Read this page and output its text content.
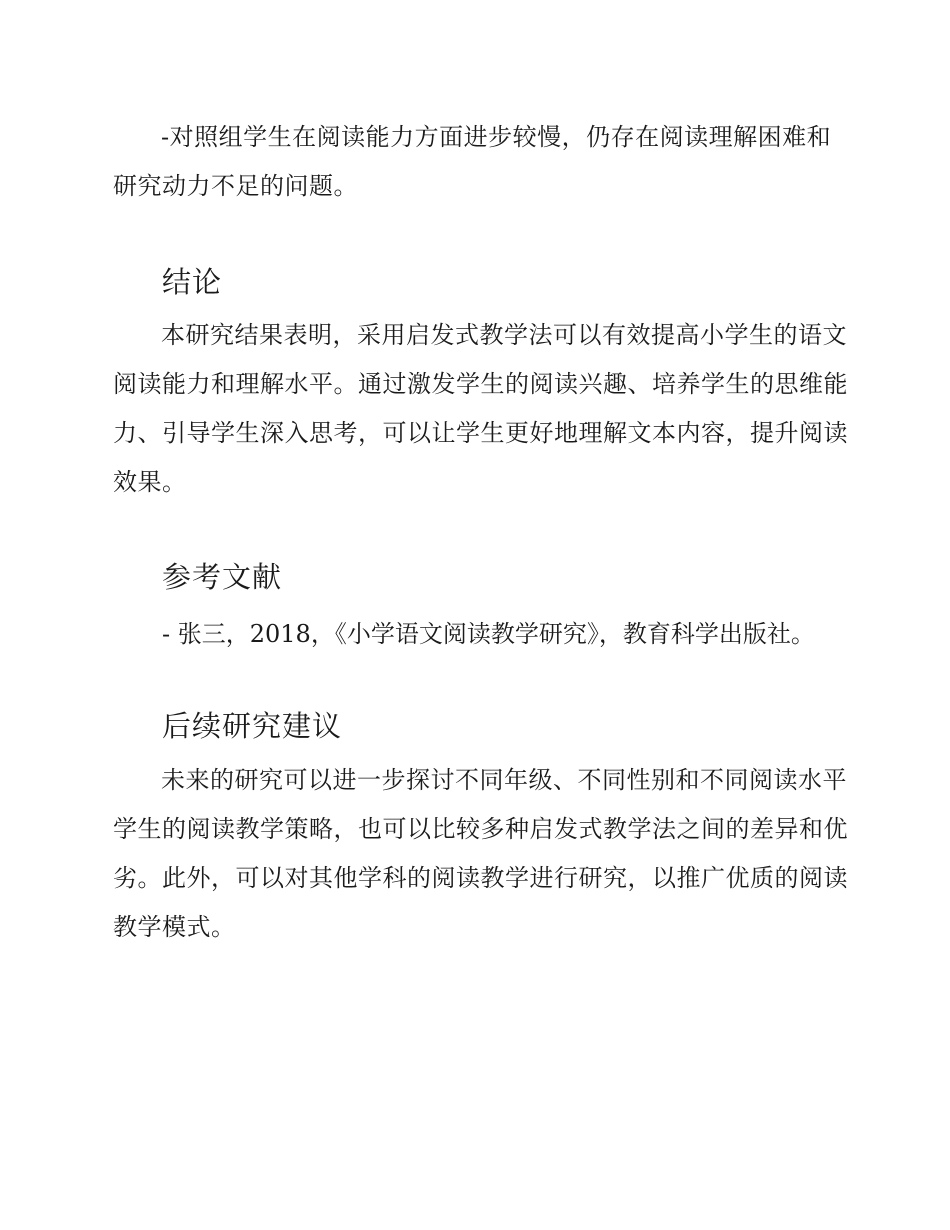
-对照组学生在阅读能力方面进步较慢，仍存在阅读理解困难和研究动力不足的问题。

结论

本研究结果表明，采用启发式教学法可以有效提高小学生的语文阅读能力和理解水平。通过激发学生的阅读兴趣、培养学生的思维能力、引导学生深入思考，可以让学生更好地理解文本内容，提升阅读效果。

参考文献

- 张三，2018，《小学语文阅读教学研究》，教育科学出版社。

后续研究建议

未来的研究可以进一步探讨不同年级、不同性别和不同阅读水平学生的阅读教学策略，也可以比较多种启发式教学法之间的差异和优劣。此外，可以对其他学科的阅读教学进行研究，以推广优质的阅读教学模式。
